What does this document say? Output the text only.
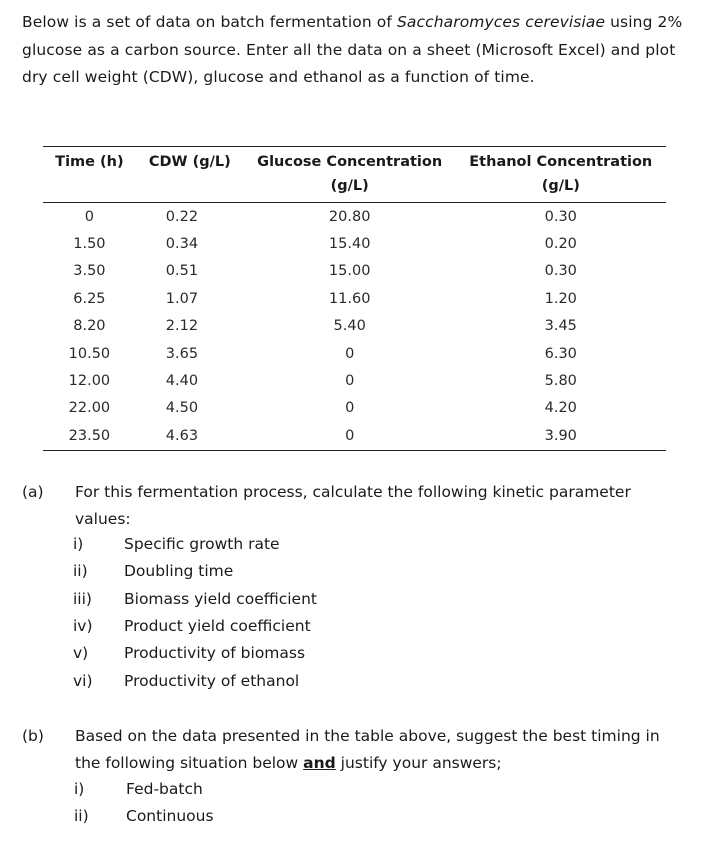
Below is a set of data on batch fermentation of Saccharomyces cerevisiae using 2% glucose as a carbon source. Enter all the data on a sheet (Microsoft Excel) and plot dry cell weight (CDW), glucose and ethanol as a function of time.
Time (h)	CDW (g/L)	Glucose Concentration	Ethanol Concentration
		(g/L)	(g/L)
0	0.22	20.80	0.30
1.50	0.34	15.40	0.20
3.50	0.51	15.00	0.30
6.25	1.07	11.60	1.20
8.20	2.12	5.40	3.45
10.50	3.65	0	6.30
12.00	4.40	0	5.80
22.00	4.50	0	4.20
23.50	4.63	0	3.90
(a) For this fermentation process, calculate the following kinetic parameter values:
i)	Specific growth rate
ii) Doubling time
iii) Biomass yield coefficient
iv) Product yield coefficient
v) Productivity of biomass
vi) Productivity of ethanol
(b) Based on the data presented in the table above, suggest the best timing in the following situation below and justify your answers;
i)	Fed-batch
ii) Continuous
